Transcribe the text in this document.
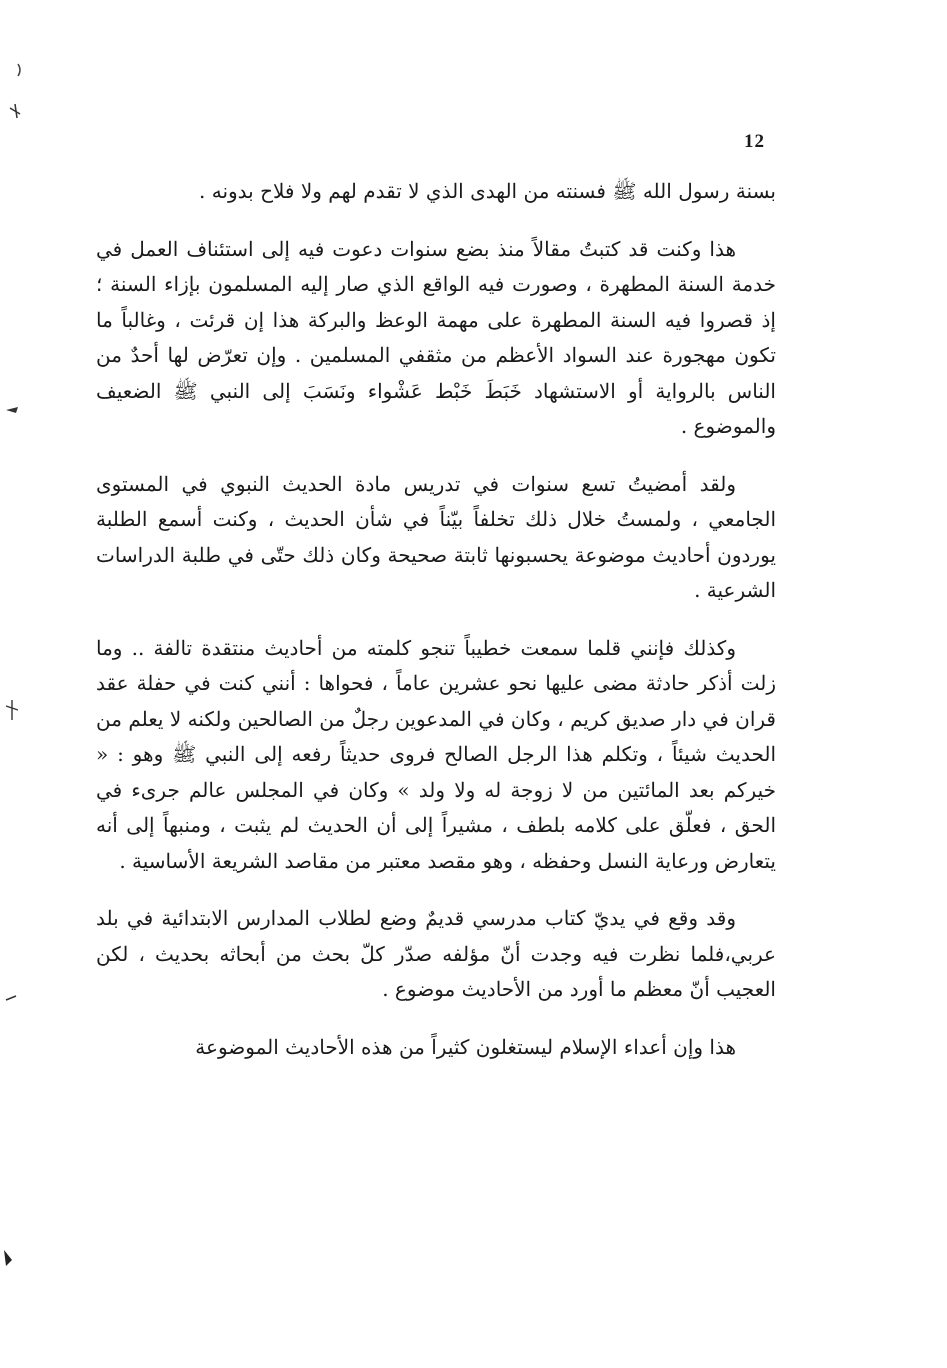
12

بسنة رسول الله ﷺ فسنته من الهدى الذي لا تقدم لهم ولا فلاح بدونه .

هذا وكنت قد كتبتُ مقالاً منذ بضع سنوات دعوت فيه إلى استئناف العمل في خدمة السنة المطهرة ، وصورت فيه الواقع الذي صار إليه المسلمون بإزاء السنة ؛ إذ قصروا فيه السنة المطهرة على مهمة الوعظ والبركة هذا إن قرئت ، وغالباً ما تكون مهجورة عند السواد الأعظم من مثقفي المسلمين . وإن تعرّض لها أحدٌ من الناس بالرواية أو الاستشهاد خَبَطَ خَبْط عَشْواء ونَسَبَ إلى النبي ﷺ الضعيف والموضوع .

ولقد أمضيتُ تسع سنوات في تدريس مادة الحديث النبوي في المستوى الجامعي ، ولمستُ خلال ذلك تخلفاً بيّناً في شأن الحديث ، وكنت أسمع الطلبة يوردون أحاديث موضوعة يحسبونها ثابتة صحيحة وكان ذلك حتّى في طلبة الدراسات الشرعية .

وكذلك فإنني قلما سمعت خطيباً تنجو كلمته من أحاديث منتقدة تالفة .. وما زلت أذكر حادثة مضى عليها نحو عشرين عاماً ، فحواها : أنني كنت في حفلة عقد قران في دار صديق كريم ، وكان في المدعوين رجلٌ من الصالحين ولكنه لا يعلم من الحديث شيئاً ، وتكلم هذا الرجل الصالح فروى حديثاً رفعه إلى النبي ﷺ وهو : « خيركم بعد المائتين من لا زوجة له ولا ولد » وكان في المجلس عالم جرىء في الحق ، فعلّق على كلامه بلطف ، مشيراً إلى أن الحديث لم يثبت ، ومنبهاً إلى أنه يتعارض ورعاية النسل وحفظه ، وهو مقصد معتبر من مقاصد الشريعة الأساسية .

وقد وقع في يديّ كتاب مدرسي قديمٌ وضع لطلاب المدارس الابتدائية في بلد عربي،فلما نظرت فيه وجدت أنّ مؤلفه صدّر كلّ بحث من أبحاثه بحديث ، لكن العجيب أنّ معظم ما أورد من الأحاديث موضوع .

هذا وإن أعداء الإسلام ليستغلون كثيراً من هذه الأحاديث الموضوعة
